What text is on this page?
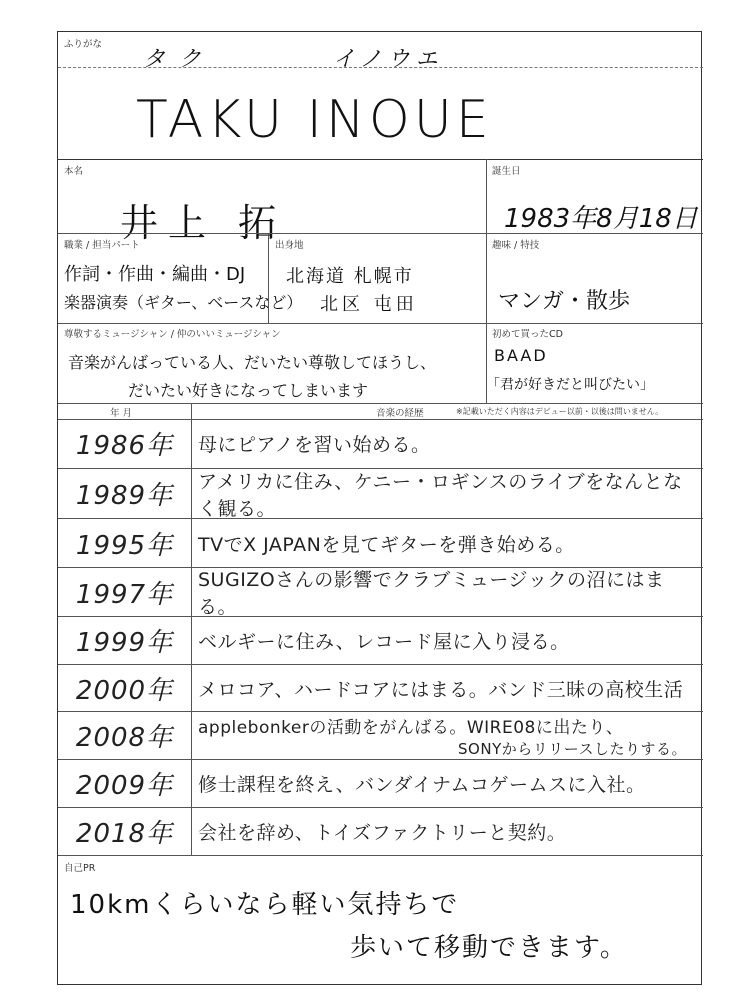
ふりがな
タク	イノウエ
TAKU INOUE
本名
井上 拓
誕生日
1983年8月18日
職業 / 担当パート
作詞・作曲・編曲・DJ
楽器演奏（ギター、ベースなど）
出身地
北海道 札幌市
北区 屯田
趣味 / 特技
マンガ・散歩
尊敬するミュージシャン / 仲のいいミュージシャン
音楽がんばっている人、だいたい尊敬してほうし、
だいたい好きになってしまいます
初めて買ったCD
BAAD
「君が好きだと叫びたい」
年 月	音楽の経歴	※記載いただく内容はデビュー以前・以後は問いません。
1986年	母にピアノを習い始める。
1989年	アメリカに住み、ケニー・ロギンスのライブをなんとなく観る。
1995年	TVでX JAPANを見てギターを弾き始める。
1997年	SUGIZOさんの影響でクラブミュージックの沼にはまる。
1999年	ベルギーに住み、レコード屋に入り浸る。
2000年	メロコア、ハードコアにはまる。バンド三昧の高校生活
2008年	applebonkerの活動をがんばる。WIRE08に出たり、
SONYからリリースしたりする。
2009年	修士課程を終え、バンダイナムコゲームスに入社。
2018年	会社を辞め、トイズファクトリーと契約。
自己PR
10kmくらいなら軽い気持ちで
歩いて移動できます。
